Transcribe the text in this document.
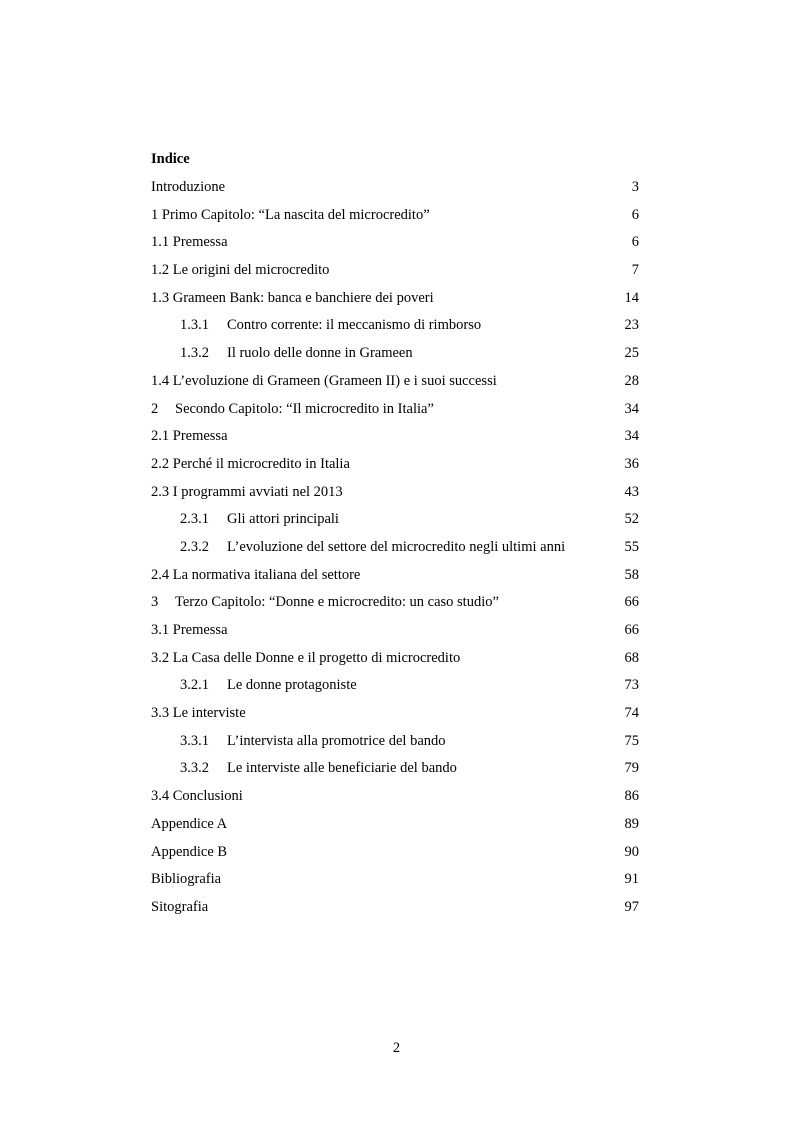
Indice
Introduzione	3
1 Primo Capitolo: “La nascita del microcredito”	6
1.1 Premessa	6
1.2 Le origini del microcredito	7
1.3 Grameen Bank: banca e banchiere dei poveri	14
1.3.1 Contro corrente: il meccanismo di rimborso	23
1.3.2 Il ruolo delle donne in Grameen	25
1.4 L’evoluzione di Grameen (Grameen II) e i suoi successi	28
2 Secondo Capitolo: “Il microcredito in Italia”	34
2.1 Premessa	34
2.2 Perché il microcredito in Italia	36
2.3 I programmi avviati nel 2013	43
2.3.1 Gli attori principali	52
2.3.2 L’evoluzione del settore del microcredito negli ultimi anni	55
2.4 La normativa italiana del settore	58
3 Terzo Capitolo: “Donne e microcredito: un caso studio”	66
3.1 Premessa	66
3.2 La Casa delle Donne e il progetto di microcredito	68
3.2.1 Le donne protagoniste	73
3.3 Le interviste	74
3.3.1 L’intervista alla promotrice del bando	75
3.3.2 Le interviste alle beneficiarie del bando	79
3.4 Conclusioni	86
Appendice A	89
Appendice B	90
Bibliografia	91
Sitografia	97
2
